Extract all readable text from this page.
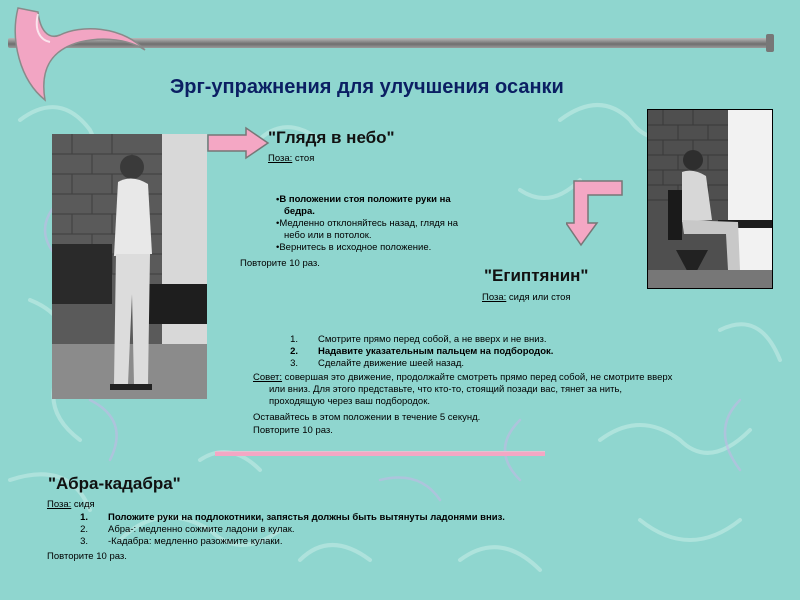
Эрг-упражнения для улучшения осанки
"Глядя в небо"
Поза: стоя
•В положении стоя положите руки на
бедра.
•Медленно отклоняйтесь назад, глядя на
небо или в потолок.
•Вернитесь в исходное положение.
Повторите 10 раз.
"Египтянин"
Поза: сидя или стоя
1.	Смотрите прямо перед собой, а не вверх и не вниз.
2.	Надавите указательным пальцем на подбородок.
3.	Сделайте движение шеей назад.
Совет: совершая это движение, продолжайте смотреть прямо перед собой, не смотрите вверх
или вниз. Для этого представьте, что кто-то, стоящий позади вас, тянет за нить,
проходящую через ваш подбородок.
Оставайтесь в этом положении в течение 5 секунд.
Повторите 10 раз.
"Абра-кадабра"
Поза: сидя
1.	Положите руки на подлокотники, запястья должны быть вытянуты ладонями вниз.
2.	Абра-: медленно сожмите ладони в кулак.
3.	-Кадабра: медленно разожмите кулаки.
Повторите 10 раз.
